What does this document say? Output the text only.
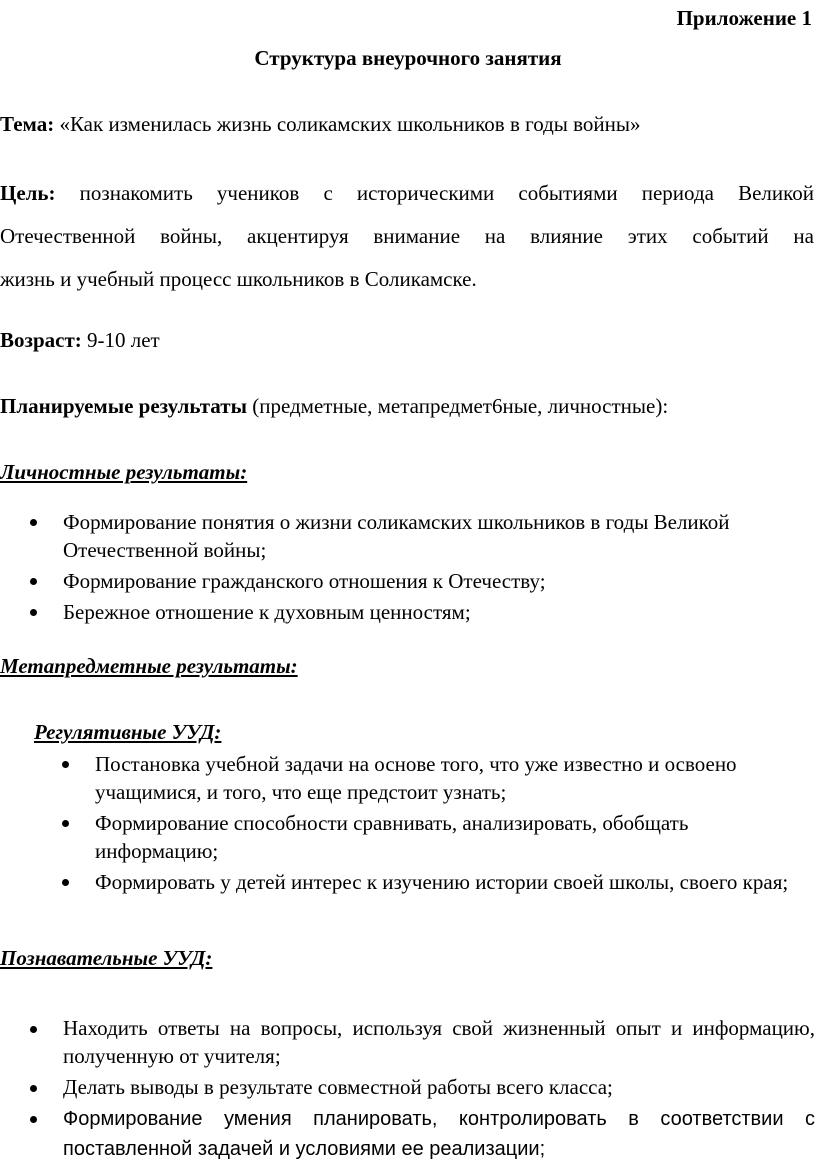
Приложение 1
Структура внеурочного занятия
Тема: «Как изменилась жизнь соликамских школьников в годы войны»
Цель: познакомить учеников с историческими событиями периода Великой
Отечественной войны, акцентируя внимание на влияние этих событий на
жизнь и учебный процесс школьников в Соликамске.
Возраст: 9-10 лет
Планируемые результаты (предметные, метапредмет6ные, личностные):
Личностные результаты:
Формирование понятия о жизни соликамских школьников в годы Великой Отечественной войны;
Формирование гражданского отношения к Отечеству;
Бережное отношение к духовным ценностям;
Метапредметные результаты:
Регулятивные УУД:
Постановка учебной задачи на основе того, что уже известно и освоено учащимися, и того, что еще предстоит узнать;
Формирование способности сравнивать, анализировать, обобщать информацию;
Формировать у детей интерес к изучению истории своей школы, своего края;
Познавательные УУД:
Находить ответы на вопросы, используя свой жизненный опыт и информацию, полученную от учителя;
Делать выводы в результате совместной работы всего класса;
Формирование умения планировать, контролировать в соответствии с поставленной задачей и условиями ее реализации;
